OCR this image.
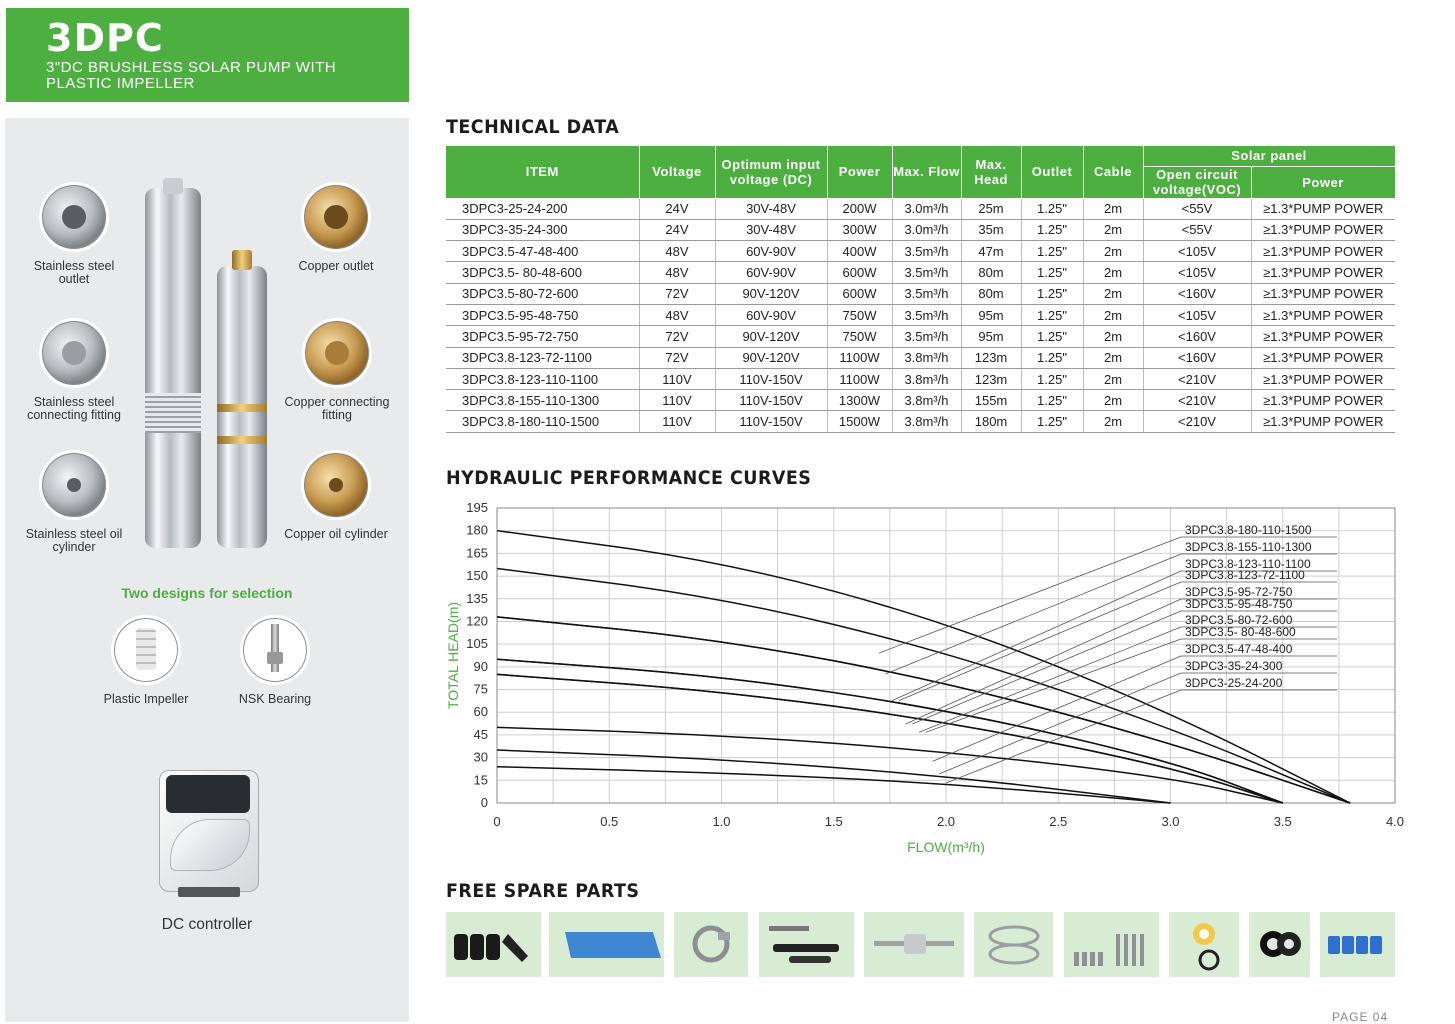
3DPC
3"DC BRUSHLESS SOLAR PUMP WITH PLASTIC IMPELLER
Stainless steel outlet
Stainless steel connecting fitting
Stainless steel oil cylinder
Copper outlet
Copper connecting fitting
Copper oil cylinder
Two designs for selection
Plastic Impeller	NSK Bearing
DC controller
TECHNICAL DATA
ITEM	Voltage	Optimum input voltage (DC)	Power	Max. Flow	Max. Head	Outlet	Cable	Solar panel	
								Open circuit voltage(VOC)	Power
3DPC3-25-24-200	24V	30V-48V	200W	3.0m³/h	25m	1.25"	2m	<55V	≥1.3*PUMP POWER
3DPC3-35-24-300	24V	30V-48V	300W	3.0m³/h	35m	1.25"	2m	<55V	≥1.3*PUMP POWER
3DPC3.5-47-48-400	48V	60V-90V	400W	3.5m³/h	47m	1.25"	2m	<105V	≥1.3*PUMP POWER
3DPC3.5- 80-48-600	48V	60V-90V	600W	3.5m³/h	80m	1.25"	2m	<105V	≥1.3*PUMP POWER
3DPC3.5-80-72-600	72V	90V-120V	600W	3.5m³/h	80m	1.25"	2m	<160V	≥1.3*PUMP POWER
3DPC3.5-95-48-750	48V	60V-90V	750W	3.5m³/h	95m	1.25"	2m	<105V	≥1.3*PUMP POWER
3DPC3.5-95-72-750	72V	90V-120V	750W	3.5m³/h	95m	1.25"	2m	<160V	≥1.3*PUMP POWER
3DPC3.8-123-72-1100	72V	90V-120V	1100W	3.8m³/h	123m	1.25"	2m	<160V	≥1.3*PUMP POWER
3DPC3.8-123-110-1100	110V	110V-150V	1100W	3.8m³/h	123m	1.25"	2m	<210V	≥1.3*PUMP POWER
3DPC3.8-155-110-1300	110V	110V-150V	1300W	3.8m³/h	155m	1.25"	2m	<210V	≥1.3*PUMP POWER
3DPC3.8-180-110-1500	110V	110V-150V	1500W	3.8m³/h	180m	1.25"	2m	<210V	≥1.3*PUMP POWER
HYDRAULIC PERFORMANCE CURVES
0
15
30
45
60
75
90
105
120
135
150
165
180
195
0	0.5	1.0	1.5	2.0	2.5	3.0	3.5	4.0
FLOW(m³/h)
TOTAL HEAD(m)
3DPC3.8-180-110-1500
3DPC3.8-155-110-1300
3DPC3.8-123-110-1100
3DPC3.8-123-72-1100
3DPC3.5-95-72-750
3DPC3.5-95-48-750
3DPC3.5-80-72-600
3DPC3.5- 80-48-600
3DPC3.5-47-48-400
3DPC3-35-24-300
3DPC3-25-24-200
FREE SPARE PARTS
PAGE 04
